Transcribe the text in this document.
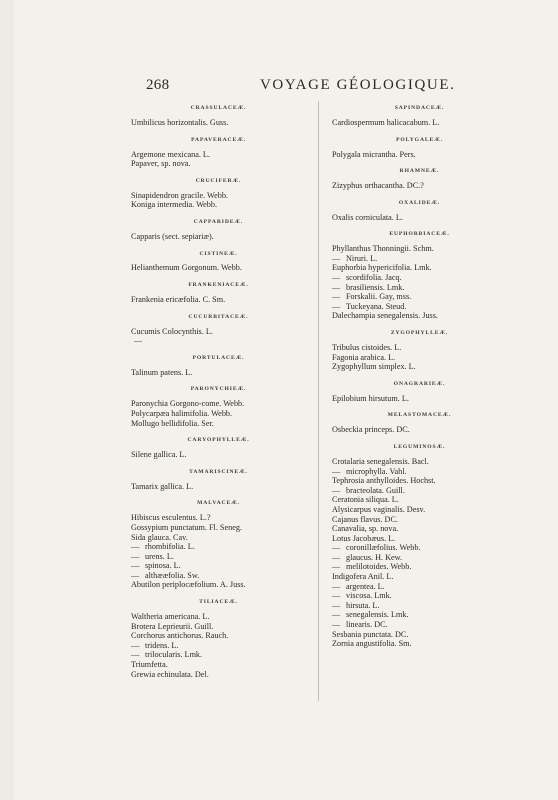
268	VOYAGE GÉOLOGIQUE.
CRASSULACEÆ.
Umbilicus horizontalis. Guss.
PAPAVERACEÆ.
Argemone mexicana. L.
Papaver, sp. nova.
CRUCIFERÆ.
Sinapidendron gracile. Webb.
Koniga intermedia. Webb.
CAPPARIDEÆ.
Capparis (sect. sepiariæ).
CISTINEÆ.
Helianthemum Gorgonum. Webb.
FRANKENIACEÆ.
Frankenia ericæfolia. C. Sm.
CUCURBITACEÆ.
Cucumis Colocynthis. L.
—
PORTULACEÆ.
Talinum patens. L.
PARONYCHIEÆ.
Paronychia Gorgono-come. Webb.
Polycarpæa halimifolia. Webb.
Mollugo bellidifolia. Ser.
CARYOPHYLLEÆ.
Silene gallica. L.
TAMARISCINEÆ.
Tamarix gallica. L.
MALVACEÆ.
Hibiscus esculentus. L.?
Gossypium punctatum. Fl. Seneg.
Sida glauca. Cav.
— rhombifolia. L.
— urens. L.
— spinosa. L.
— althææfolia. Sw.
Abutilon periplocæfolium. A. Juss.
TILIACEÆ.
Waltheria americana. L.
Brotera Leprieurii. Guill.
Corchorus antichorus. Rauch.
— tridens. L.
— trilocularis. Lmk.
Triumfetta.
Grewia echinulata. Del.
SAPINDACEÆ.
Cardiospermum halicacabum. L.
POLYGALEÆ.
Polygala micrantha. Pers.
RHAMNEÆ.
Zizyphus orthacantha. DC.?
OXALIDEÆ.
Oxalis corniculata. L.
EUPHORBIACEÆ.
Phyllanthus Thonningii. Schm.
— Niruri. L.
Euphorbia hypericifolia. Lmk.
— scordifolia. Jacq.
— brasiliensis. Lmk.
— Forskalii. Gay, mss.
— Tuckeyana. Steud.
Dalechampia senegalensis. Juss.
ZYGOPHYLLEÆ.
Tribulus cistoides. L.
Fagonia arabica. L.
Zygophyllum simplex. L.
ONAGRARIEÆ.
Epilobium hirsutum. L.
MELASTOMACEÆ.
Osbeckia princeps. DC.
LEGUMINOSÆ.
Crotalaria senegalensis. Bacl.
— microphylla. Vahl.
Tephrosia anthylloides. Hochst.
— bracteolata. Guill.
Ceratonia siliqua. L.
Alysicarpus vaginalis. Desv.
Cajanus flavus. DC.
Canavalia, sp. nova.
Lotus Jacobæus. L.
— coronillæfolius. Webb.
— glaucus. H. Kew.
— melilotoides. Webb.
Indigofera Anil. L.
— argentea. L.
— viscosa. Lmk.
— hirsuta. L.
— senegalensis. Lmk.
— linearis. DC.
Sesbania punctata. DC.
Zornia angustifolia. Sm.
